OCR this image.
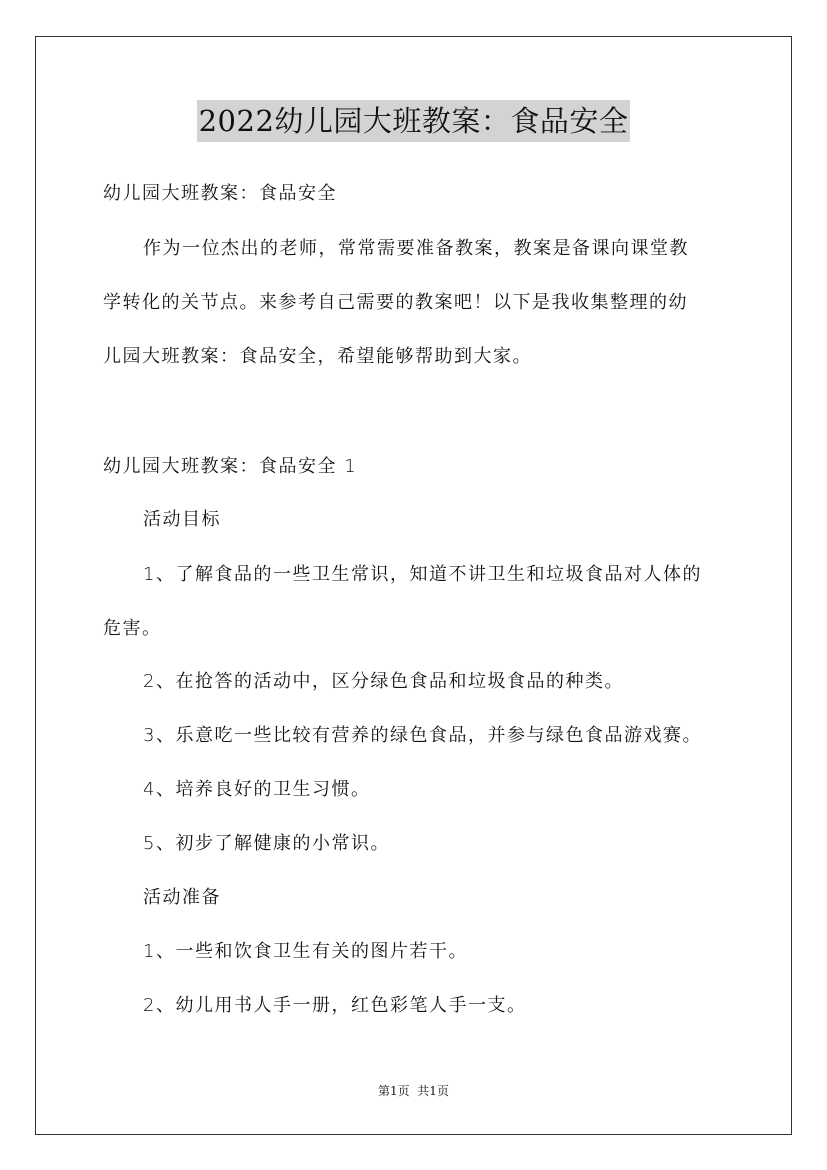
2022幼儿园大班教案：食品安全
幼儿园大班教案：食品安全
作为一位杰出的老师，常常需要准备教案，教案是备课向课堂教
学转化的关节点。来参考自己需要的教案吧！以下是我收集整理的幼
儿园大班教案：食品安全，希望能够帮助到大家。
幼儿园大班教案：食品安全 1
活动目标
1、了解食品的一些卫生常识，知道不讲卫生和垃圾食品对人体的
危害。
2、在抢答的活动中，区分绿色食品和垃圾食品的种类。
3、乐意吃一些比较有营养的绿色食品，并参与绿色食品游戏赛。
4、培养良好的卫生习惯。
5、初步了解健康的小常识。
活动准备
1、一些和饮食卫生有关的图片若干。
2、幼儿用书人手一册，红色彩笔人手一支。
第1页  共1页
